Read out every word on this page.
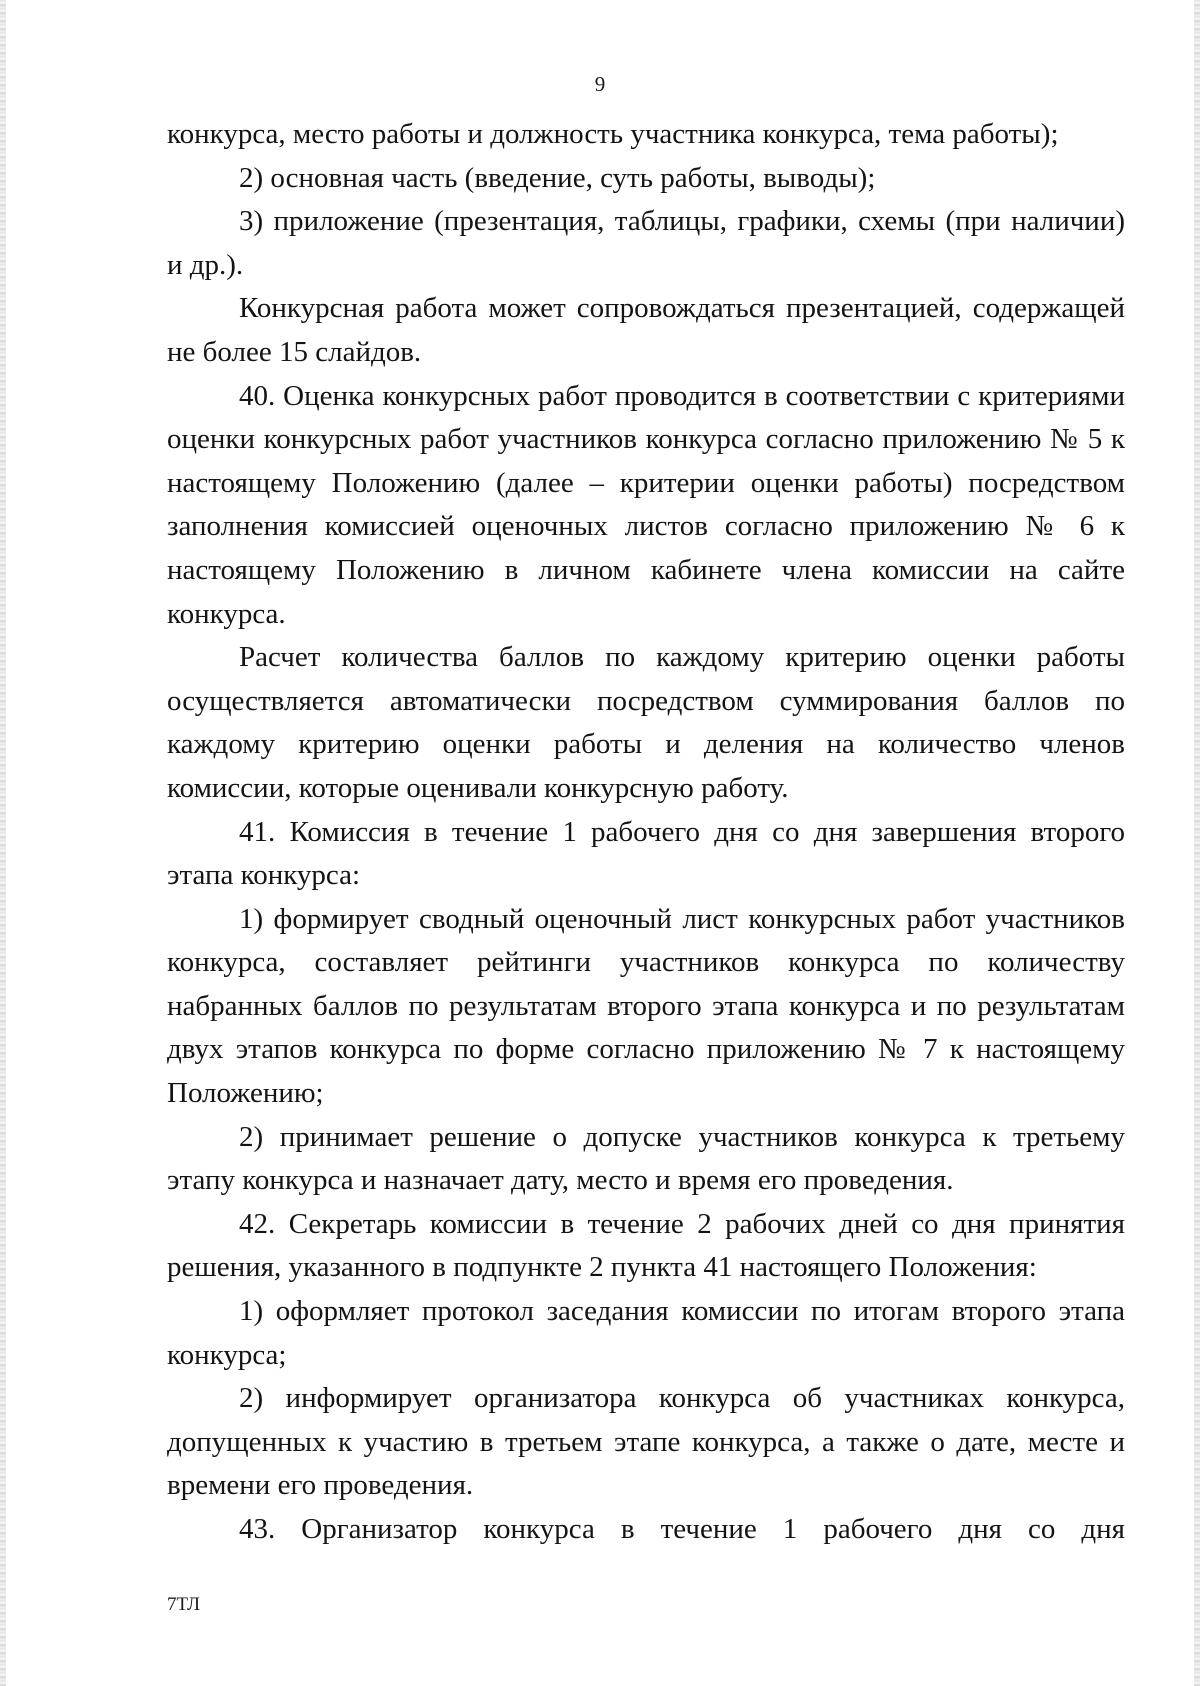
9

конкурса, место работы и должность участника конкурса, тема работы);

2) основная часть (введение, суть работы, выводы);

3) приложение (презентация, таблицы, графики, схемы (при наличии) и др.).

Конкурсная работа может сопровождаться презентацией, содержащей не более 15 слайдов.

40. Оценка конкурсных работ проводится в соответствии с критериями оценки конкурсных работ участников конкурса согласно приложению № 5 к настоящему Положению (далее – критерии оценки работы) посредством заполнения комиссией оценочных листов согласно приложению № 6 к настоящему Положению в личном кабинете члена комиссии на сайте конкурса.

Расчет количества баллов по каждому критерию оценки работы осуществляется автоматически посредством суммирования баллов по каждому критерию оценки работы и деления на количество членов комиссии, которые оценивали конкурсную работу.

41. Комиссия в течение 1 рабочего дня со дня завершения второго этапа конкурса:

1) формирует сводный оценочный лист конкурсных работ участников конкурса, составляет рейтинги участников конкурса по количеству набранных баллов по результатам второго этапа конкурса и по результатам двух этапов конкурса по форме согласно приложению № 7 к настоящему Положению;

2) принимает решение о допуске участников конкурса к третьему этапу конкурса и назначает дату, место и время его проведения.

42. Секретарь комиссии в течение 2 рабочих дней со дня принятия решения, указанного в подпункте 2 пункта 41 настоящего Положения:

1) оформляет протокол заседания комиссии по итогам второго этапа конкурса;

2) информирует организатора конкурса об участниках конкурса, допущенных к участию в третьем этапе конкурса, а также о дате, месте и времени его проведения.

43. Организатор конкурса в течение 1 рабочего дня со дня

7ТЛ
